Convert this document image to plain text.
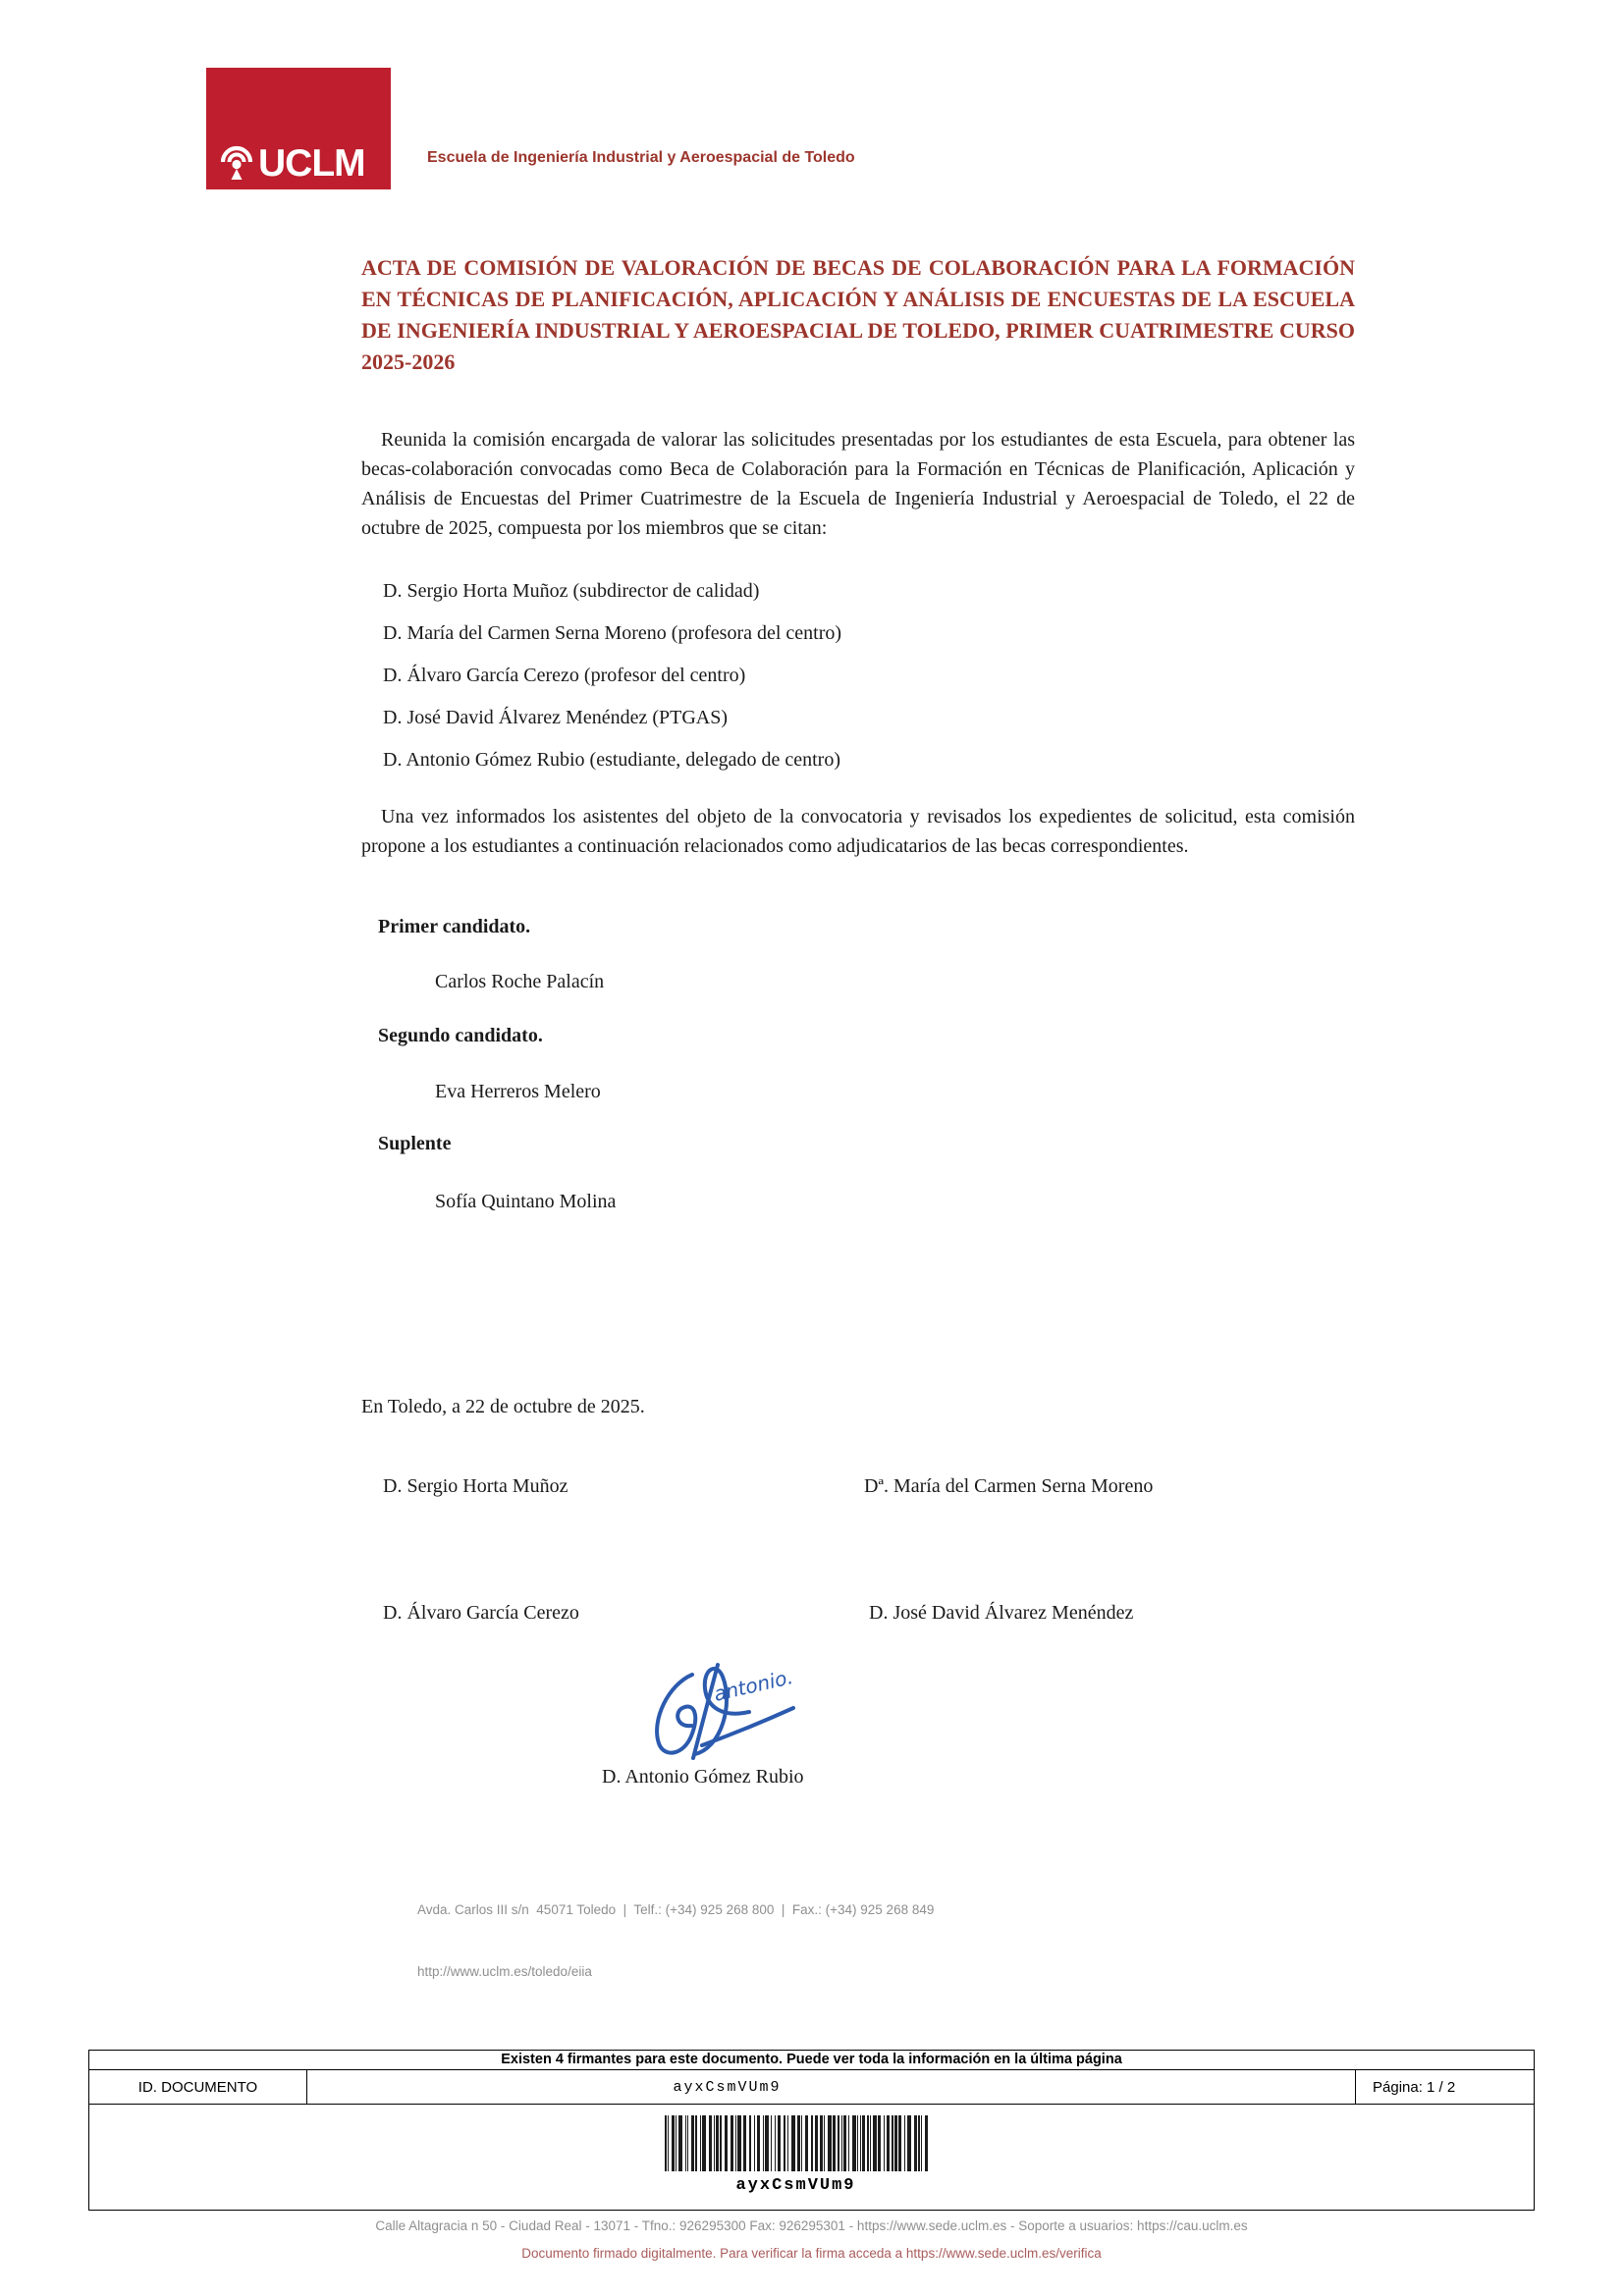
UCLM	Escuela de Ingeniería Industrial y Aeroespacial de Toledo
ACTA DE COMISIÓN DE VALORACIÓN DE BECAS DE COLABORACIÓN PARA LA FORMACIÓN EN TÉCNICAS DE PLANIFICACIÓN, APLICACIÓN Y ANÁLISIS DE ENCUESTAS DE LA ESCUELA DE INGENIERÍA INDUSTRIAL Y AEROESPACIAL DE TOLEDO, PRIMER CUATRIMESTRE CURSO 2025-2026
Reunida la comisión encargada de valorar las solicitudes presentadas por los estudiantes de esta Escuela, para obtener las becas-colaboración convocadas como Beca de Colaboración para la Formación en Técnicas de Planificación, Aplicación y Análisis de Encuestas del Primer Cuatrimestre de la Escuela de Ingeniería Industrial y Aeroespacial de Toledo, el 22 de octubre de 2025, compuesta por los miembros que se citan:
D. Sergio Horta Muñoz (subdirector de calidad)
D. María del Carmen Serna Moreno (profesora del centro)
D. Álvaro García Cerezo (profesor del centro)
D. José David Álvarez Menéndez (PTGAS)
D. Antonio Gómez Rubio (estudiante, delegado de centro)
Una vez informados los asistentes del objeto de la convocatoria y revisados los expedientes de solicitud, esta comisión propone a los estudiantes a continuación relacionados como adjudicatarios de las becas correspondientes.
Primer candidato.
Carlos Roche Palacín
Segundo candidato.
Eva Herreros Melero
Suplente
Sofía Quintano Molina
En Toledo, a 22 de octubre de 2025.
D. Sergio Horta Muñoz	Dª. María del Carmen Serna Moreno
D. Álvaro García Cerezo	D. José David Álvarez Menéndez
antonio.
D. Antonio Gómez Rubio

Avda. Carlos III s/n  45071 Toledo  |  Telf.: (+34) 925 268 800  |  Fax.: (+34) 925 268 849

http://www.uclm.es/toledo/eiia

Existen 4 firmantes para este documento. Puede ver toda la información en la última página
ID. DOCUMENTO	ayxCsmVUm9	Página: 1 / 2
ayxCsmVUm9
Calle Altagracia n 50 - Ciudad Real - 13071 - Tfno.: 926295300 Fax: 926295301 - https://www.sede.uclm.es - Soporte a usuarios: https://cau.uclm.es
Documento firmado digitalmente. Para verificar la firma acceda a https://www.sede.uclm.es/verifica
